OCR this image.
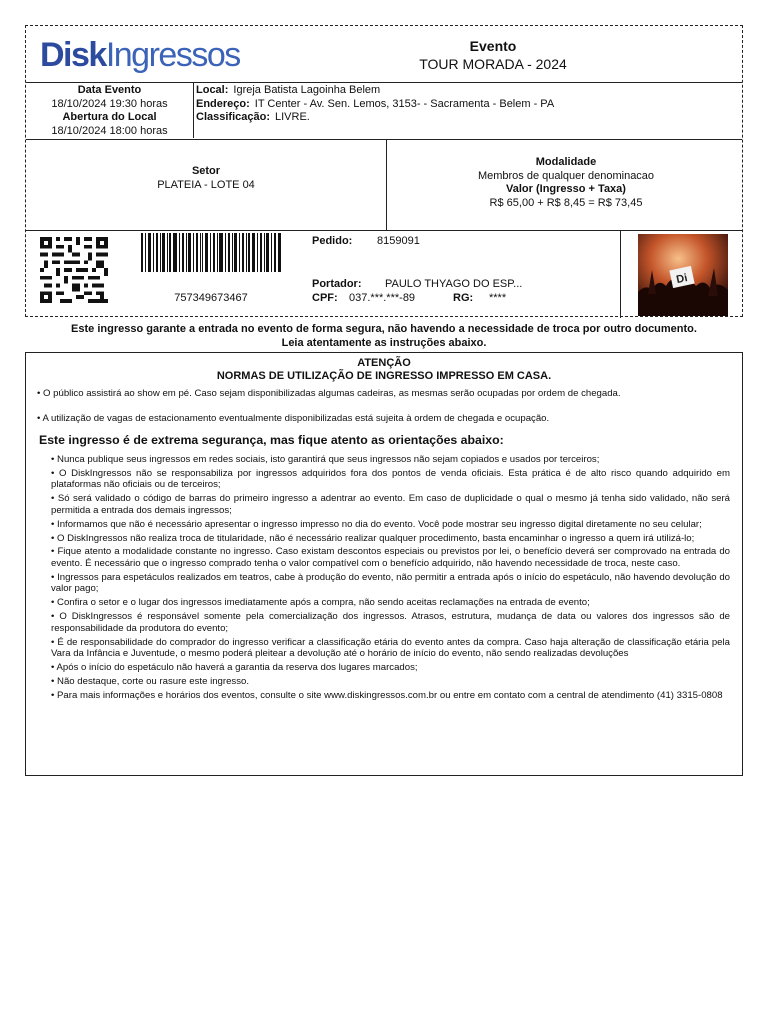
DiskIngressos	Evento
TOUR MORADA - 2024
Data Evento
18/10/2024 19:30 horas
Abertura do Local
18/10/2024 18:00 horas
Local: Igreja Batista Lagoinha Belem
Endereço: IT Center - Av. Sen. Lemos, 3153- - Sacramenta - Belem - PA
Classificação: LIVRE.
Setor
PLATEIA - LOTE 04
Modalidade
Membros de qualquer denominacao
Valor (Ingresso + Taxa)
R$ 65,00 + R$ 8,45 = R$ 73,45
757349673467
Pedido: 8159091
Portador: PAULO THYAGO DO ESP...
CPF: 037.***.***-89	RG: ****
Di
Este ingresso garante a entrada no evento de forma segura, não havendo a necessidade de troca por outro documento.
Leia atentamente as instruções abaixo.
ATENÇÃO
NORMAS DE UTILIZAÇÃO DE INGRESSO IMPRESSO EM CASA.
• O público assistirá ao show em pé. Caso sejam disponibilizadas algumas cadeiras, as mesmas serão ocupadas por ordem de chegada.
• A utilização de vagas de estacionamento eventualmente disponibilizadas está sujeita à ordem de chegada e ocupação.
Este ingresso é de extrema segurança, mas fique atento as orientações abaixo:
• Nunca publique seus ingressos em redes sociais, isto garantirá que seus ingressos não sejam copiados e usados por terceiros;
• O DiskIngressos não se responsabiliza por ingressos adquiridos fora dos pontos de venda oficiais. Esta prática é de alto risco quando adquirido em plataformas não oficiais ou de terceiros;
• Só será validado o código de barras do primeiro ingresso a adentrar ao evento. Em caso de duplicidade o qual o mesmo já tenha sido validado, não será permitida a entrada dos demais ingressos;
• Informamos que não é necessário apresentar o ingresso impresso no dia do evento. Você pode mostrar seu ingresso digital diretamente no seu celular;
• O DiskIngressos não realiza troca de titularidade, não é necessário realizar qualquer procedimento, basta encaminhar o ingresso a quem irá utilizá-lo;
• Fique atento a modalidade constante no ingresso. Caso existam descontos especiais ou previstos por lei, o benefício deverá ser comprovado na entrada do evento. É necessário que o ingresso comprado tenha o valor compatível com o benefício adquirido, não havendo necessidade de troca, neste caso.
• Ingressos para espetáculos realizados em teatros, cabe à produção do evento, não permitir a entrada após o início do espetáculo, não havendo devolução do valor pago;
• Confira o setor e o lugar dos ingressos imediatamente após a compra, não sendo aceitas reclamações na entrada de evento;
• O DiskIngressos é responsável somente pela comercialização dos ingressos. Atrasos, estrutura, mudança de data ou valores dos ingressos são de responsabilidade da produtora do evento;
• É de responsabilidade do comprador do ingresso verificar a classificação etária do evento antes da compra. Caso haja alteração de classificação etária pela Vara da Infância e Juventude, o mesmo poderá pleitear a devolução até o horário de início do evento, não sendo realizadas devoluções
• Após o início do espetáculo não haverá a garantia da reserva dos lugares marcados;
• Não destaque, corte ou rasure este ingresso.
• Para mais informações e horários dos eventos, consulte o site www.diskingressos.com.br ou entre em contato com a central de atendimento (41) 3315-0808
